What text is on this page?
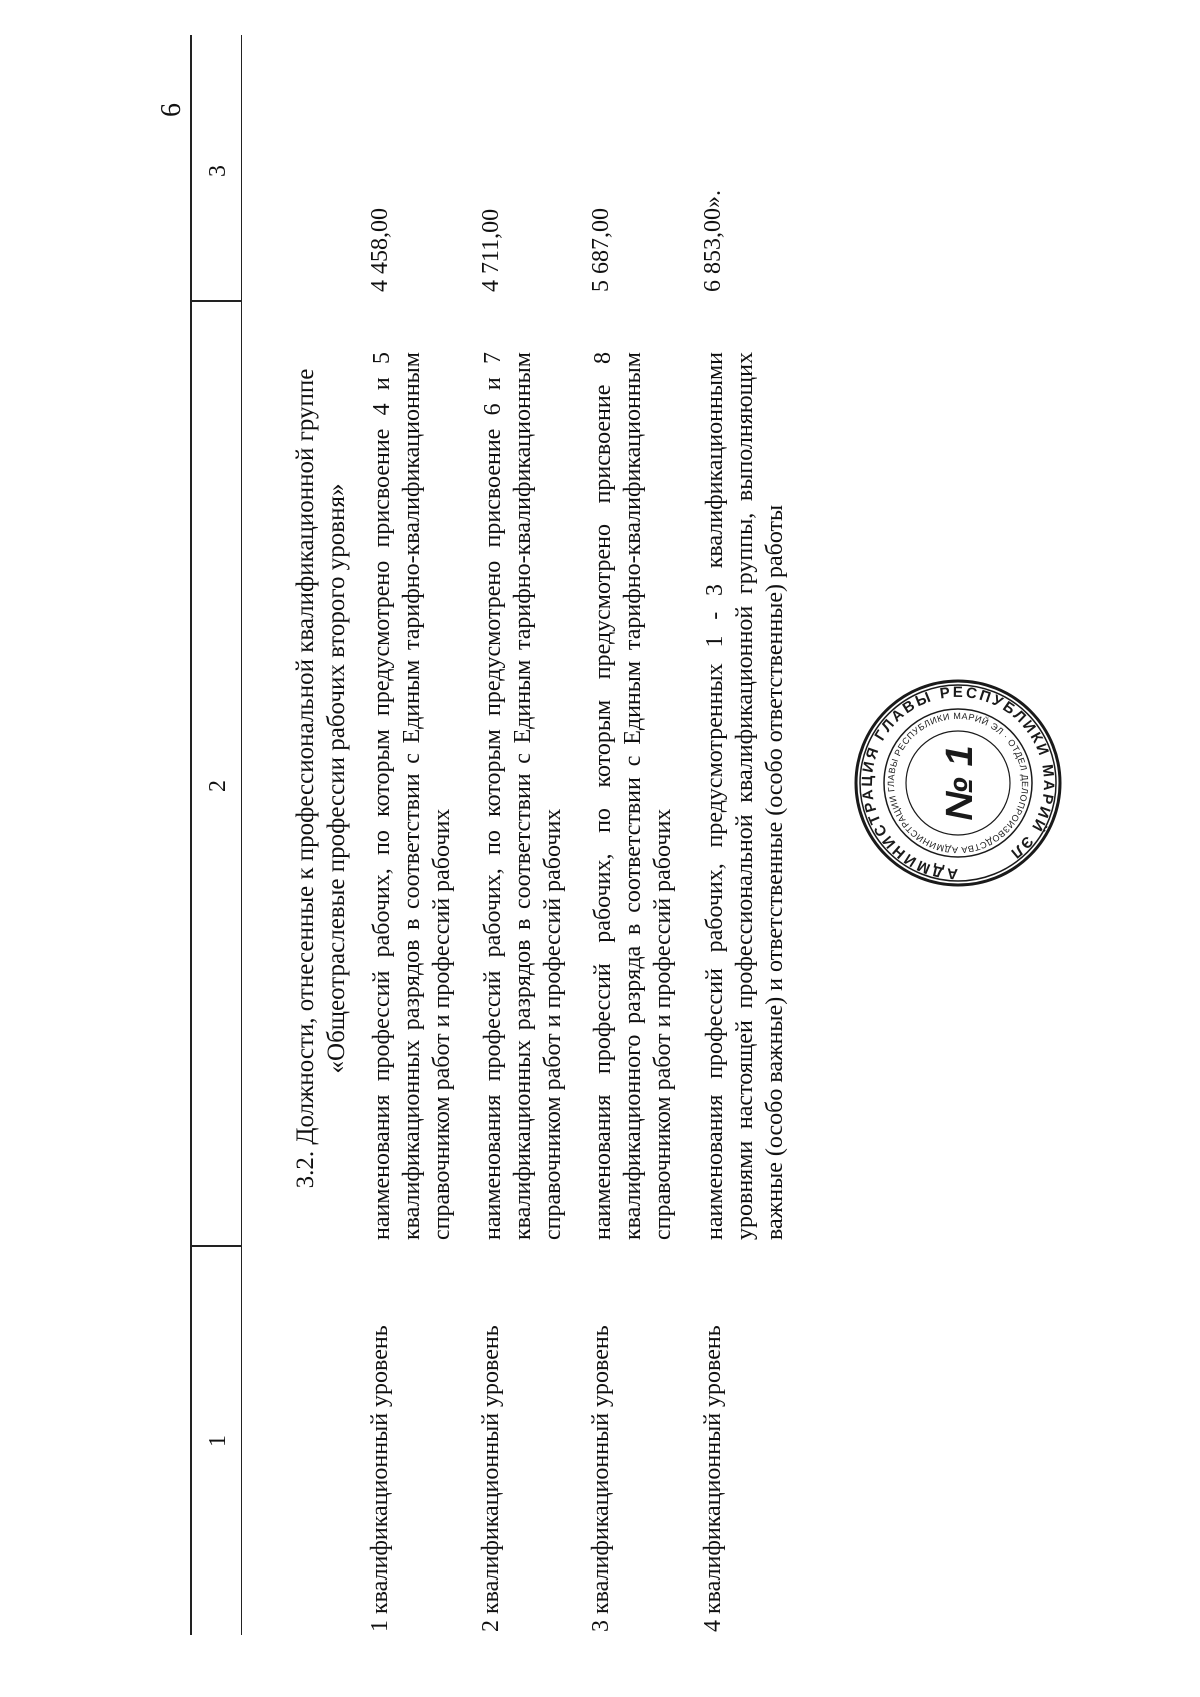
6
1
2
3
3.2. Должности, отнесенные к профессиональной квалификационной группе «Общеотраслевые профессии рабочих второго уровня»
1 квалификационный уровень
наименования профессий рабочих, по которым предусмотрено присвоение 4 и 5 квалификационных разрядов в соответствии с Единым тарифно-квалификационным справочником работ и профессий рабочих
4 458,00
2 квалификационный уровень
наименования профессий рабочих, по которым предусмотрено присвоение 6 и 7 квалификационных разрядов в соответствии с Единым тарифно-квалификационным справочником работ и профессий рабочих
4 711,00
3 квалификационный уровень
наименования профессий рабочих, по которым предусмотрено присвоение 8 квалификационного разряда в соответствии с Единым тарифно-квалификационным справочником работ и профессий рабочих
5 687,00
4 квалификационный уровень
наименования профессий рабочих, предусмотренных 1 - 3 квалификационными уровнями настоящей профессиональной квалификационной группы, выполняющих важные (особо важные) и ответственные (особо ответственные) работы
6 853,00».
АДМИНИСТРАЦИЯ ГЛАВЫ РЕСПУБЛИКИ МАРИЙ ЭЛ
АДМИНИСТРАЦИИ ГЛАВЫ РЕСПУБЛИКИ МАРИЙ ЭЛ · ОТДЕЛ ДЕЛОПРОИЗВОДСТВА
№ 1
